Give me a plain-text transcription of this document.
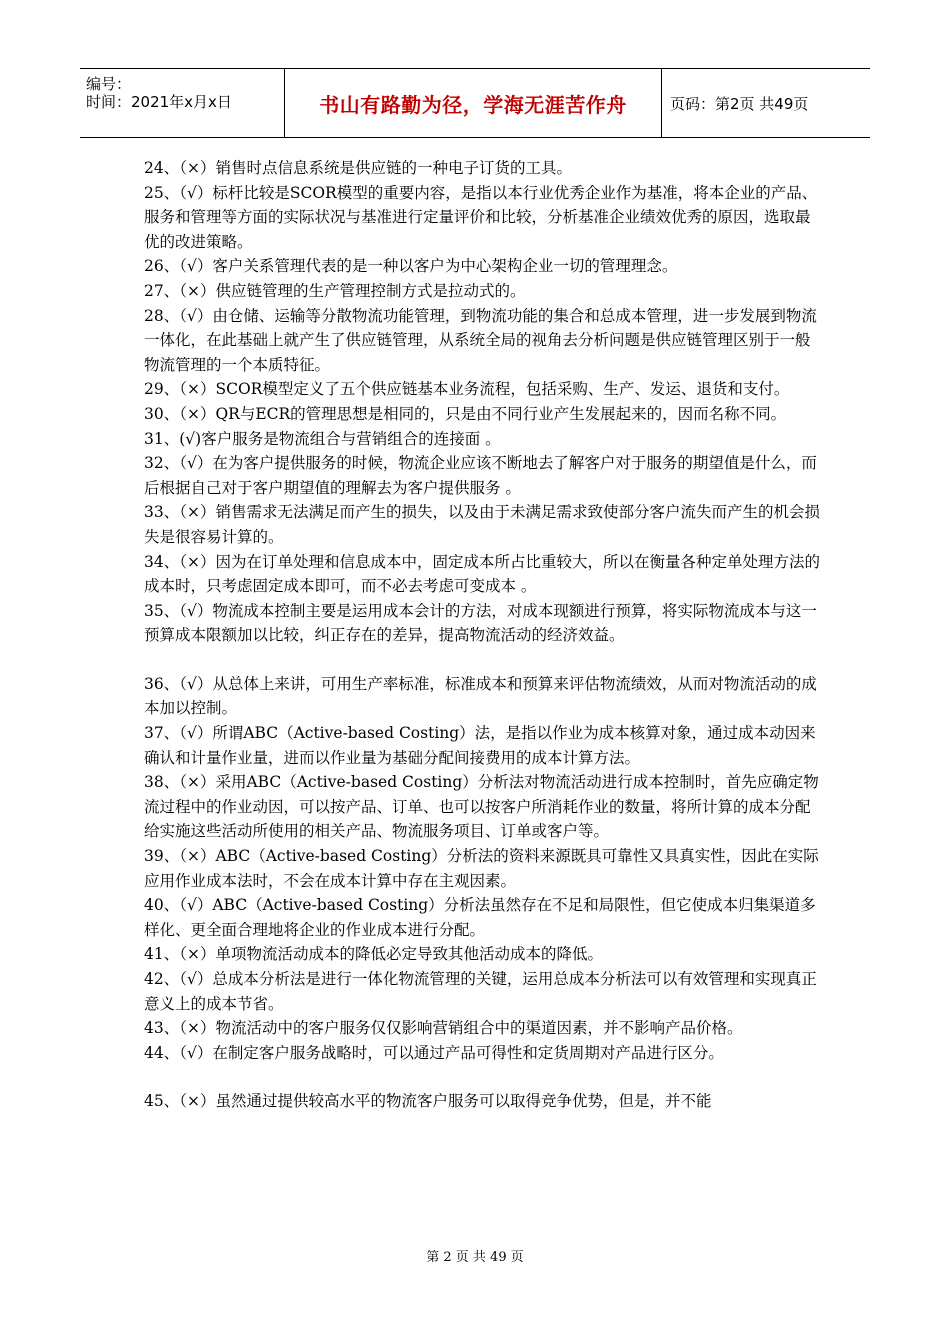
编号：
时间：2021年x月x日	书山有路勤为径，学海无涯苦作舟	页码：第2页 共49页

24、（×）销售时点信息系统是供应链的一种电子订货的工具。

25、（√）标杆比较是SCOR模型的重要内容，是指以本行业优秀企业作为基准，将本企业的产品、服务和管理等方面的实际状况与基准进行定量评价和比较，分析基准企业绩效优秀的原因，选取最优的改进策略。

26、（√）客户关系管理代表的是一种以客户为中心架构企业一切的管理理念。

27、（×）供应链管理的生产管理控制方式是拉动式的。

28、（√）由仓储、运输等分散物流功能管理，到物流功能的集合和总成本管理，进一步发展到物流一体化，在此基础上就产生了供应链管理，从系统全局的视角去分析问题是供应链管理区别于一般物流管理的一个本质特征。

29、（×）SCOR模型定义了五个供应链基本业务流程，包括采购、生产、发运、退货和支付。

30、（×）QR与ECR的管理思想是相同的，只是由不同行业产生发展起来的，因而名称不同。

31、(√)客户服务是物流组合与营销组合的连接面 。

32、（√）在为客户提供服务的时候，物流企业应该不断地去了解客户对于服务的期望值是什么，而后根据自己对于客户期望值的理解去为客户提供服务 。

33、（×）销售需求无法满足而产生的损失，以及由于未满足需求致使部分客户流失而产生的机会损失是很容易计算的。

34、（×）因为在订单处理和信息成本中，固定成本所占比重较大，所以在衡量各种定单处理方法的成本时，只考虑固定成本即可，而不必去考虑可变成本 。

35、（√）物流成本控制主要是运用成本会计的方法，对成本现额进行预算，将实际物流成本与这一预算成本限额加以比较，纠正存在的差异，提高物流活动的经济效益。

36、（√）从总体上来讲，可用生产率标准，标准成本和预算来评估物流绩效，从而对物流活动的成本加以控制。

37、（√）所谓ABC（Active-based Costing）法，是指以作业为成本核算对象，通过成本动因来确认和计量作业量，进而以作业量为基础分配间接费用的成本计算方法。

38、（×）采用ABC（Active-based Costing）分析法对物流活动进行成本控制时，首先应确定物流过程中的作业动因，可以按产品、订单、也可以按客户所消耗作业的数量，将所计算的成本分配给实施这些活动所使用的相关产品、物流服务项目、订单或客户等。

39、（×）ABC（Active-based Costing）分析法的资料来源既具可靠性又具真实性，因此在实际应用作业成本法时，不会在成本计算中存在主观因素。

40、（√）ABC（Active-based Costing）分析法虽然存在不足和局限性，但它使成本归集渠道多样化、更全面合理地将企业的作业成本进行分配。

41、（×）单项物流活动成本的降低必定导致其他活动成本的降低。

42、（√）总成本分析法是进行一体化物流管理的关键，运用总成本分析法可以有效管理和实现真正意义上的成本节省。

43、（×）物流活动中的客户服务仅仅影响营销组合中的渠道因素，并不影响产品价格。

44、（√）在制定客户服务战略时，可以通过产品可得性和定货周期对产品进行区分。

45、（×）虽然通过提供较高水平的物流客户服务可以取得竞争优势，但是，并不能

第 2 页 共 49 页
